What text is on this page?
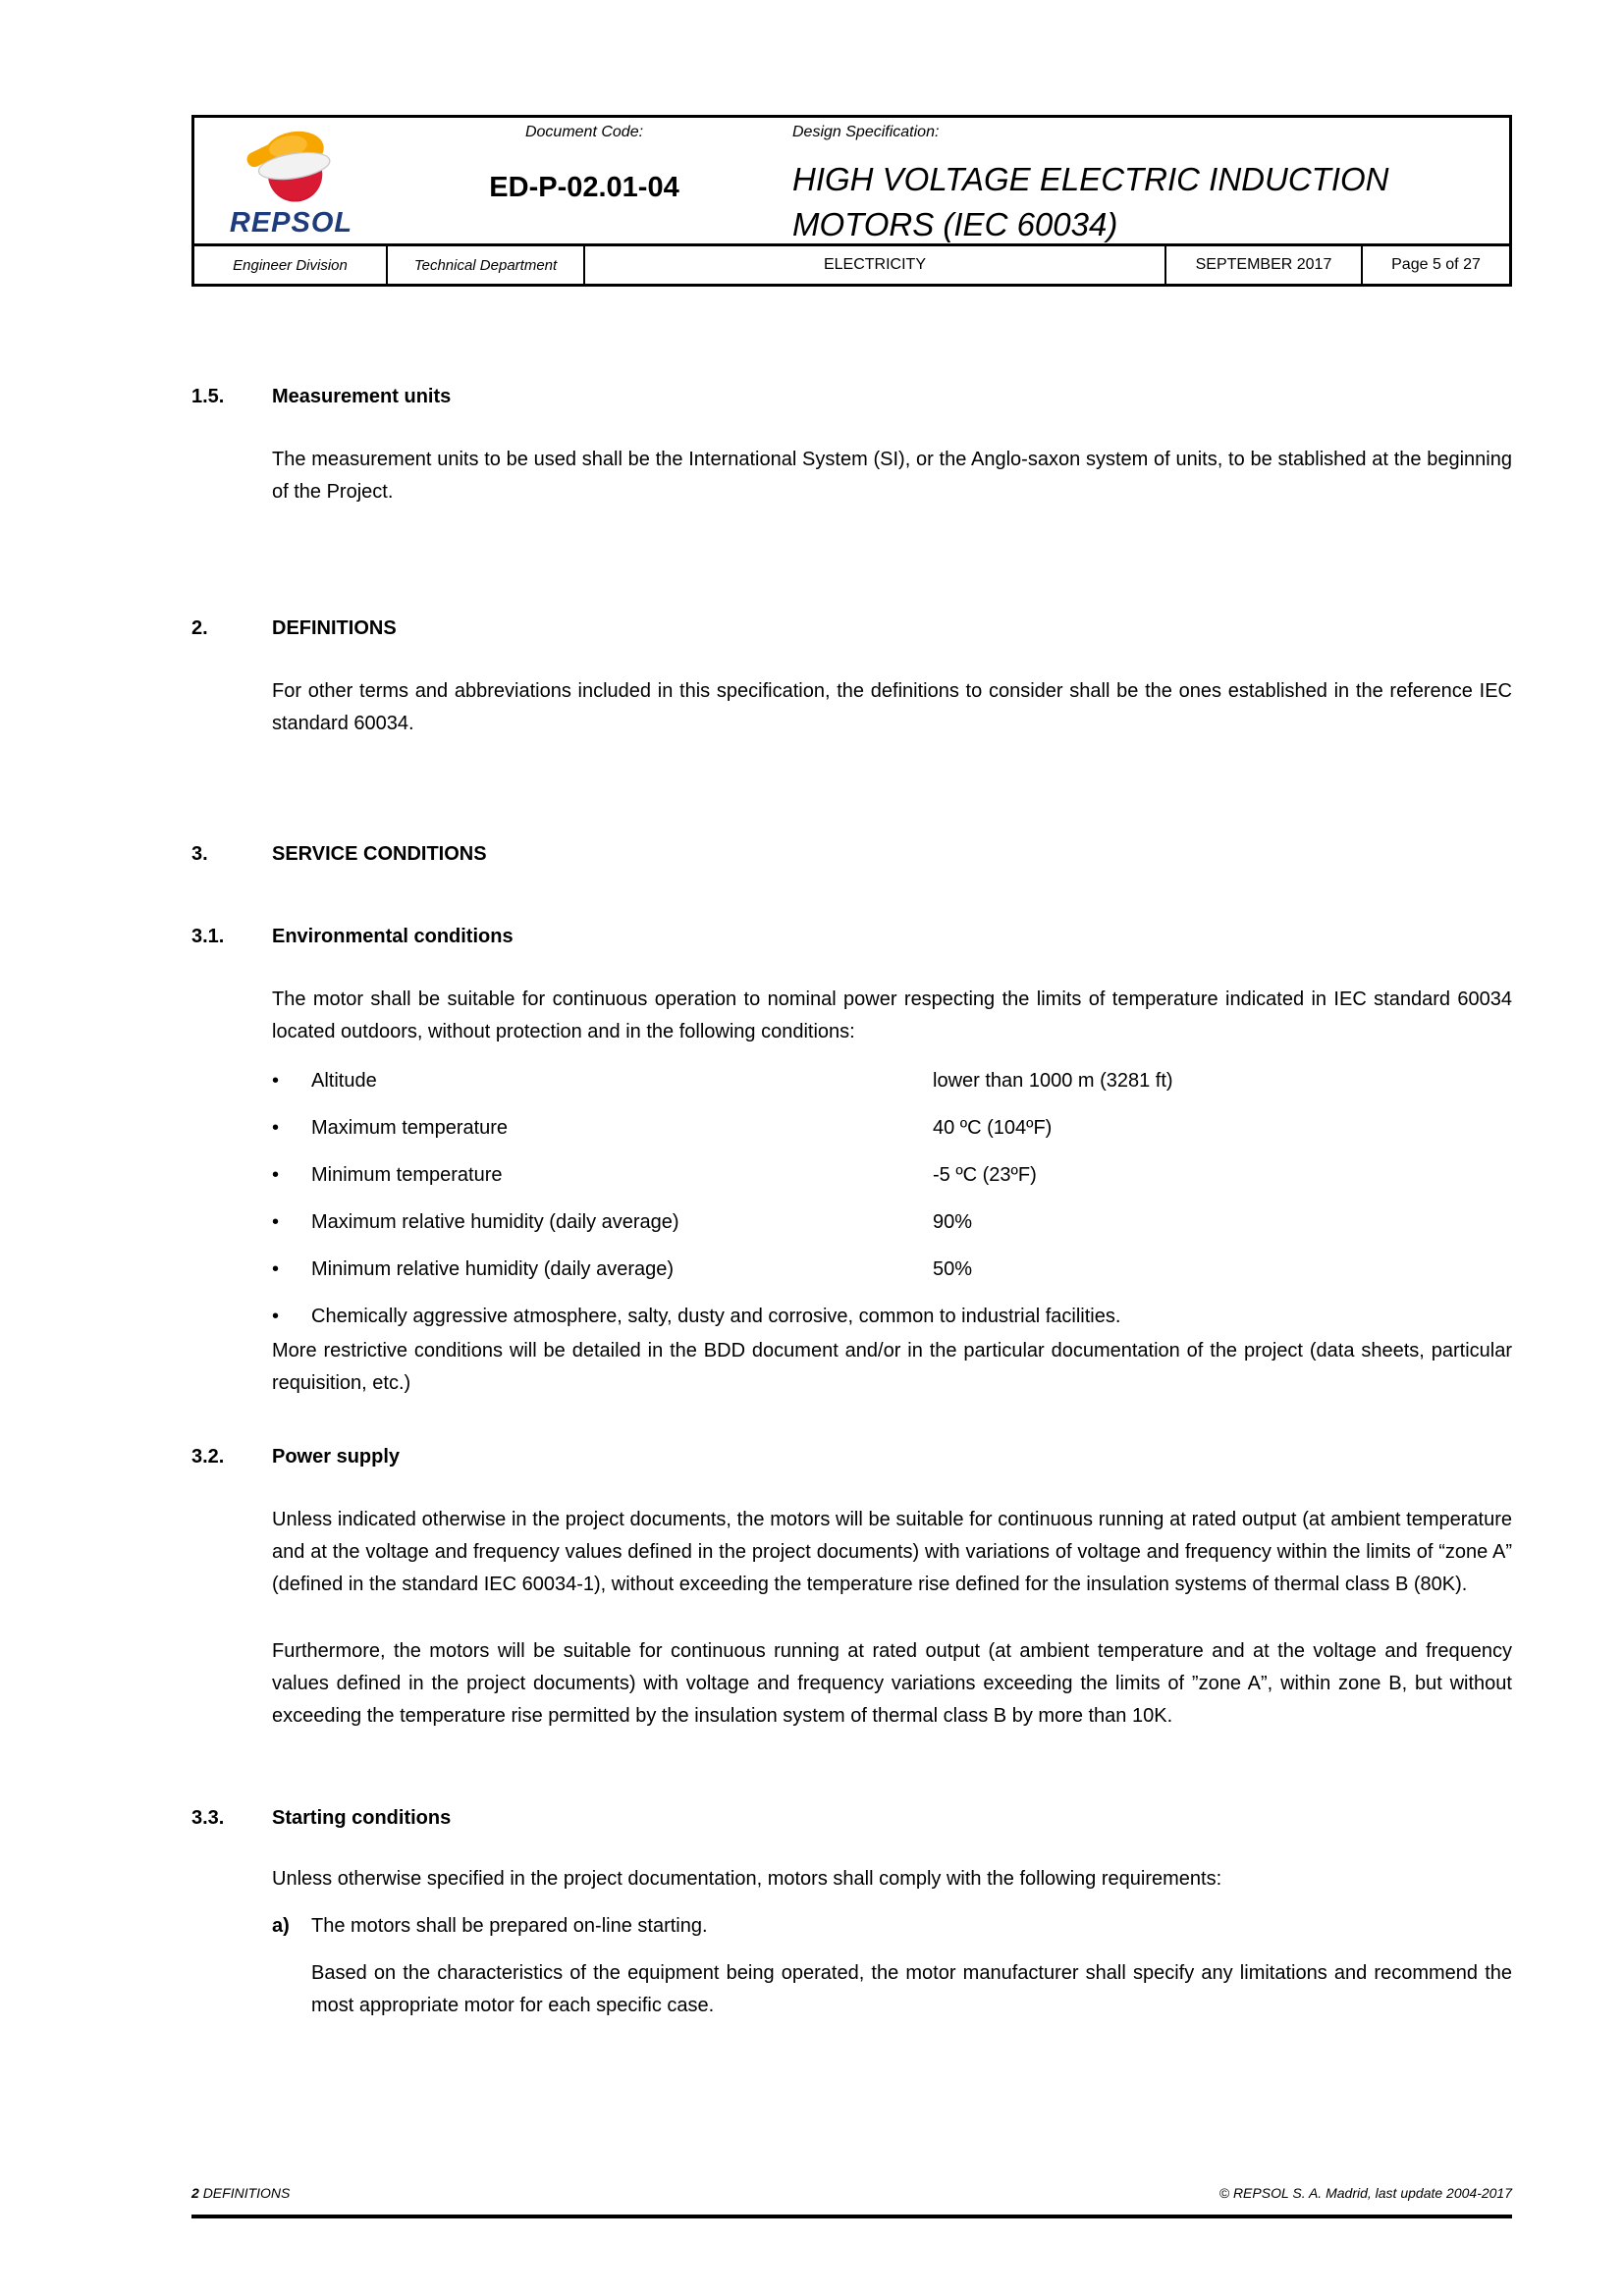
REPSOL
Document Code:
ED-P-02.01-04
Design Specification:
HIGH VOLTAGE ELECTRIC INDUCTION
MOTORS (IEC 60034)
Engineer Division	Technical Department	ELECTRICITY	SEPTEMBER 2017	Page 5 of 27
1.5.	Measurement units
The measurement units to be used shall be the International System (SI), or the Anglo-saxon system of units, to be stablished at the beginning of the Project.
2.	DEFINITIONS
For other terms and abbreviations included in this specification, the definitions to consider shall be the ones established in the reference IEC standard 60034.
3.	SERVICE CONDITIONS
3.1.	Environmental conditions
The motor shall be suitable for continuous operation to nominal power respecting the limits of temperature indicated in IEC standard 60034 located outdoors, without protection and in the following conditions:
•	Altitude	lower than 1000 m (3281 ft)
•	Maximum temperature	40 ºC (104ºF)
•	Minimum temperature	-5 ºC (23ºF)
•	Maximum relative humidity (daily average)	90%
•	Minimum relative humidity (daily average)	50%
•	Chemically aggressive atmosphere, salty, dusty and corrosive, common to industrial facilities.
More restrictive conditions will be detailed in the BDD document and/or in the particular documentation of the project (data sheets, particular requisition, etc.)
3.2.	Power supply
Unless indicated otherwise in the project documents, the motors will be suitable for continuous running at rated output (at ambient temperature and at the voltage and frequency values defined in the project documents) with variations of voltage and frequency within the limits of “zone A” (defined in the standard IEC 60034-1), without exceeding the temperature rise defined for the insulation systems of thermal class B (80K).
Furthermore, the motors will be suitable for continuous running at rated output (at ambient temperature and at the voltage and frequency values defined in the project documents) with voltage and frequency variations exceeding the limits of ”zone A”, within zone B, but without exceeding the temperature rise permitted by the insulation system of thermal class B by more than 10K.
3.3.	Starting conditions
Unless otherwise specified in the project documentation, motors shall comply with the following requirements:
a)	The motors shall be prepared on-line starting.
Based on the characteristics of the equipment being operated, the motor manufacturer shall specify any limitations and recommend the most appropriate motor for each specific case.
2 DEFINITIONS	© REPSOL S. A. Madrid, last update 2004-2017
